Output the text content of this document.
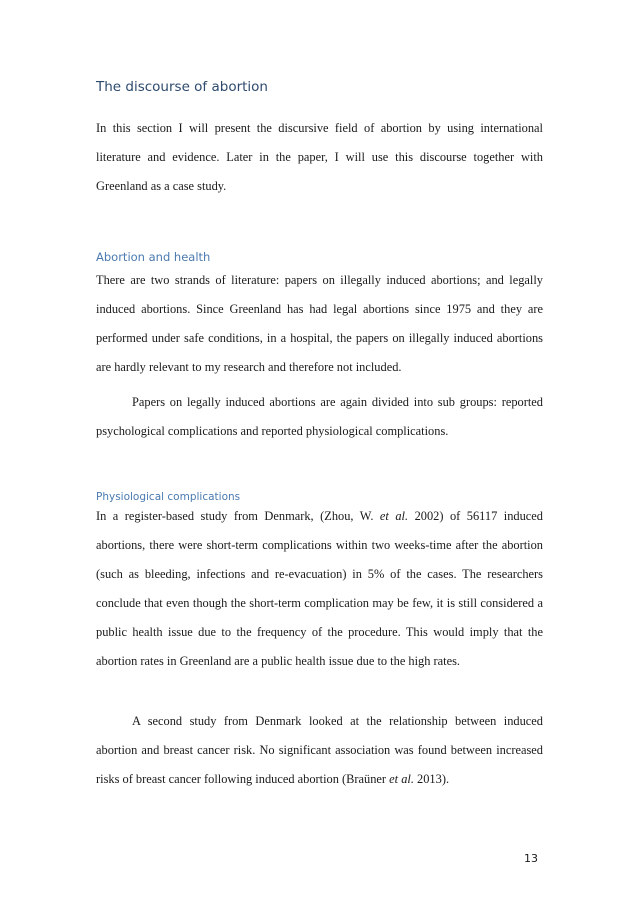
The discourse of abortion

In this section I will present the discursive field of abortion by using international literature and evidence. Later in the paper, I will use this discourse together with Greenland as a case study.

Abortion and health

There are two strands of literature: papers on illegally induced abortions; and legally induced abortions. Since Greenland has had legal abortions since 1975 and they are performed under safe conditions, in a hospital, the papers on illegally induced abortions are hardly relevant to my research and therefore not included.

Papers on legally induced abortions are again divided into sub groups: reported psychological complications and reported physiological complications.

Physiological complications

In a register-based study from Denmark, (Zhou, W. et al. 2002) of 56117 induced abortions, there were short-term complications within two weeks-time after the abortion (such as bleeding, infections and re-evacuation) in 5% of the cases. The researchers conclude that even though the short-term complication may be few, it is still considered a public health issue due to the frequency of the procedure. This would imply that the abortion rates in Greenland are a public health issue due to the high rates.

A second study from Denmark looked at the relationship between induced abortion and breast cancer risk. No significant association was found between increased risks of breast cancer following induced abortion (Braüner et al. 2013).

13
